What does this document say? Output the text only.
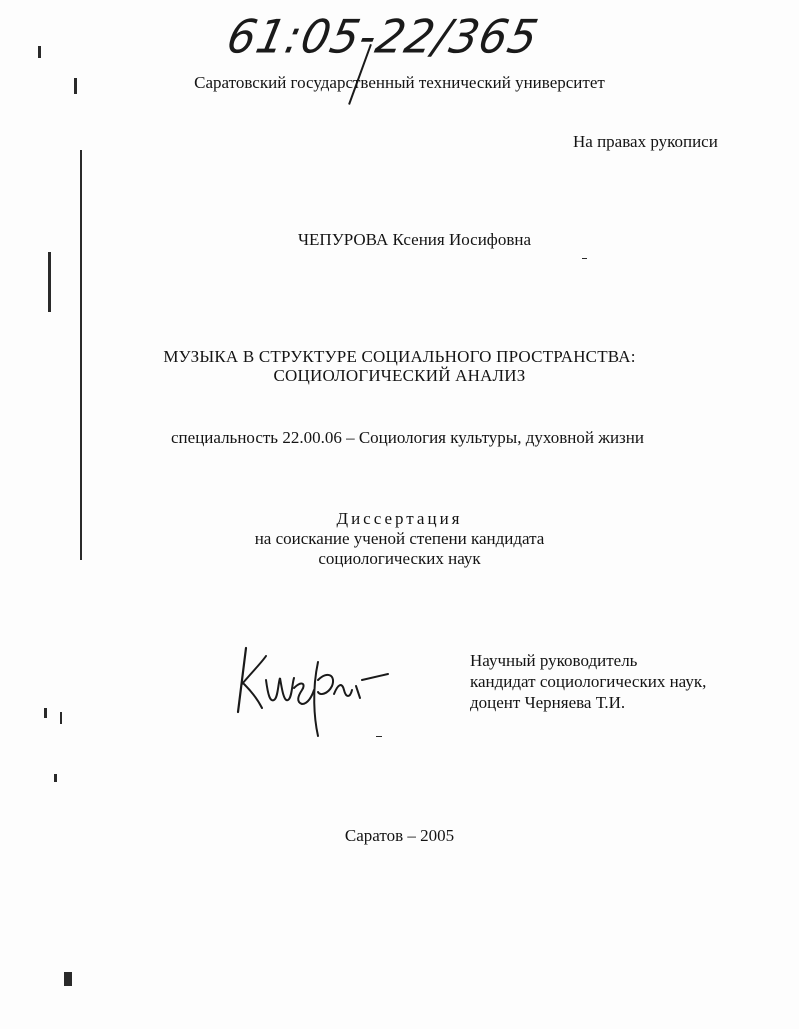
61:05-22/365
Саратовский государственный технический университет
На правах рукописи
ЧЕПУРОВА Ксения Иосифовна
МУЗЫКА В СТРУКТУРЕ СОЦИАЛЬНОГО ПРОСТРАНСТВА:
СОЦИОЛОГИЧЕСКИЙ АНАЛИЗ
специальность 22.00.06 – Социология культуры, духовной жизни
Диссертация
на соискание ученой степени кандидата
социологических наук
Научный руководитель
кандидат социологических наук,
доцент Черняева Т.И.
Саратов – 2005
